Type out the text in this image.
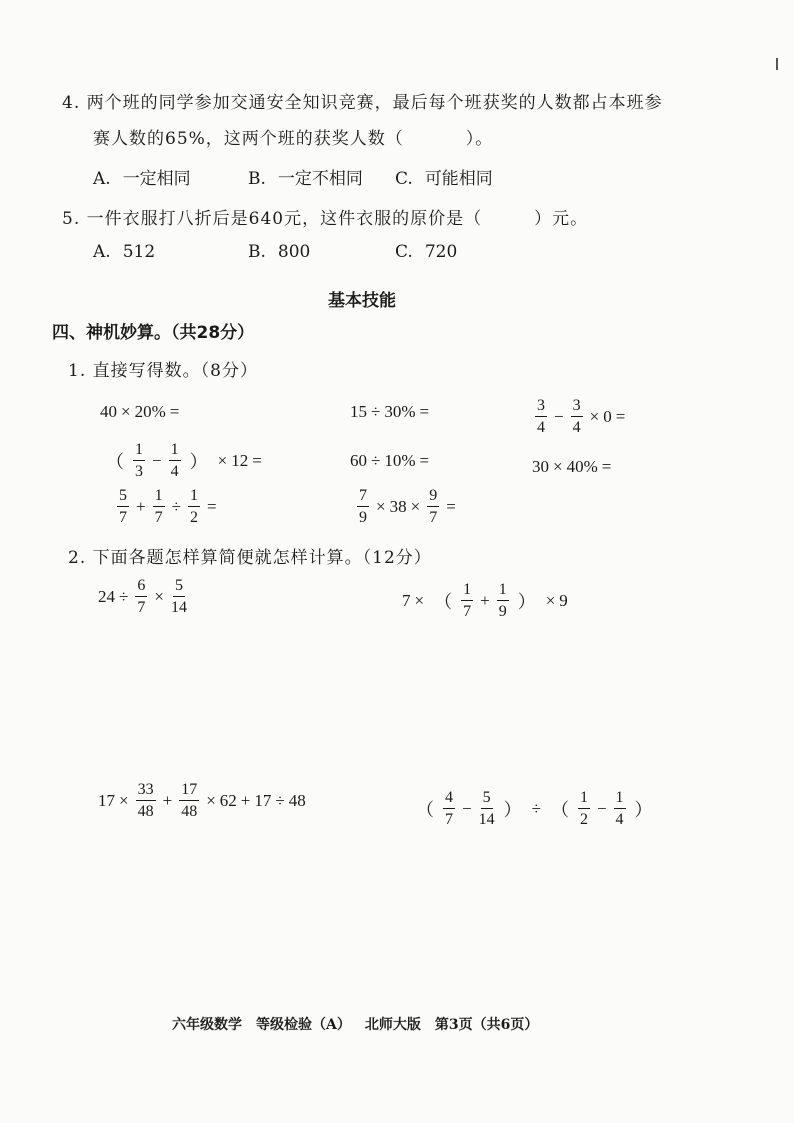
4. 两个班的同学参加交通安全知识竞赛，最后每个班获奖的人数都占本班参
赛人数的65%，这两个班的获奖人数（	）。
A. 一定相同	B. 一定不相同 C. 可能相同
5. 一件衣服打八折后是640元，这件衣服的原价是（	）元。
A. 512	B. 800	C. 720
基本技能
四、神机妙算。（共28分）
1. 直接写得数。（8分）
40 × 20% =	15 ÷ 30% =	$\frac{3}{4} - \frac{3}{4} \times 0$ =
（ $\frac{1}{3} - \frac{1}{4}$ ） × 12 =	60 ÷ 10% =	30 × 40% =
$\frac{5}{7} + \frac{1}{7} \div \frac{1}{2}$ =	$\frac{7}{9} \times 38 \times \frac{9}{7}$ =
2. 下面各题怎样算简便就怎样计算。（12分）
$24 \div \frac{6}{7} \times \frac{5}{14}$	7 × （ $\frac{1}{7} + \frac{1}{9}$ ） × 9
$17 \times \frac{33}{48} + \frac{17}{48} \times 62 + 17 \div 48$	（ $\frac{4}{7} - \frac{5}{14}$ ） ÷ （ $\frac{1}{2} - \frac{1}{4}$ ）
六年级数学 等级检验（A） 北师大版 第3页（共6页）
